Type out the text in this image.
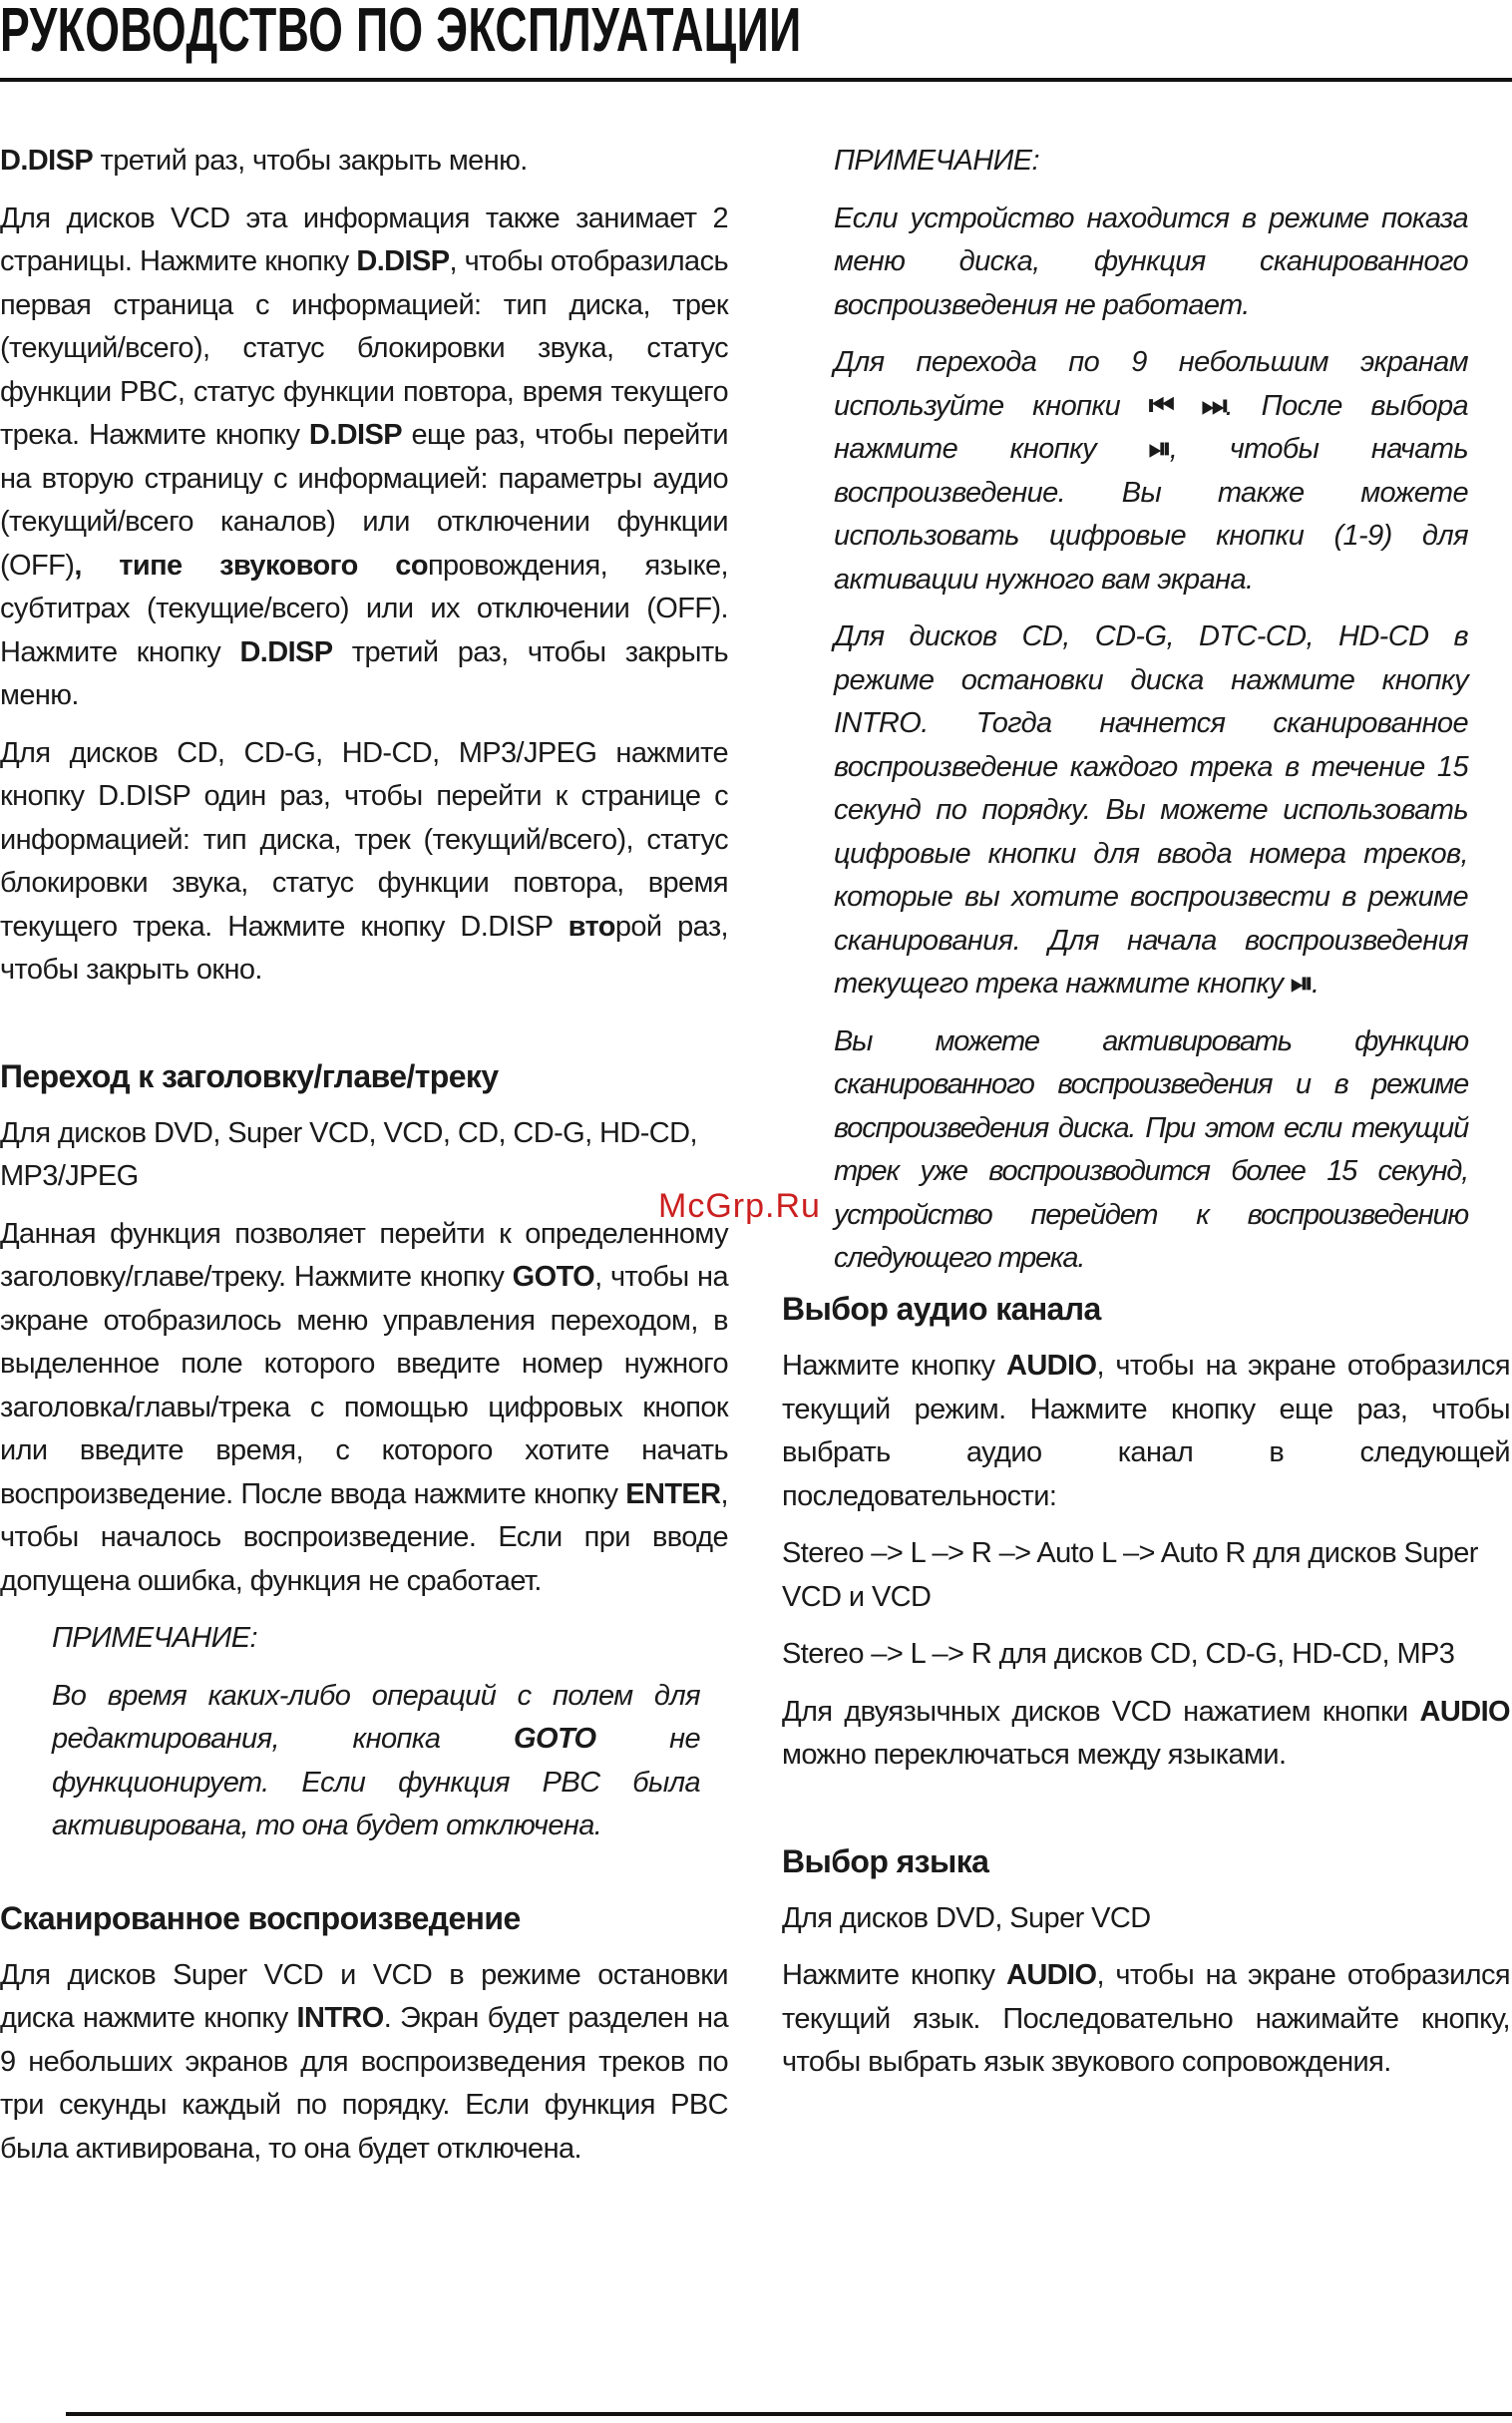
РУКОВОДСТВО ПО ЭКСПЛУАТАЦИИ

D.DISP третий раз, чтобы закрыть меню.

Для дисков VCD эта информация также занимает 2 страницы. Нажмите кнопку D.DISP, чтобы отобразилась первая страница с информацией: тип диска, трек (текущий/всего), статус блокировки звука, статус функции PBC, статус функции повтора, время текущего трека. Нажмите кнопку D.DISP еще раз, чтобы перейти на вторую страницу с информацией: параметры аудио (текущий/всего каналов) или отключении функции (OFF), типе звукового сопровождения, языке, субтитрах (текущие/всего) или их отключении (OFF). Нажмите кнопку D.DISP третий раз, чтобы закрыть меню.

Для дисков CD, CD-G, HD-CD, MP3/JPEG нажмите кнопку D.DISP один раз, чтобы перейти к странице с информацией: тип диска, трек (текущий/всего), статус блокировки звука, статус функции повтора, время текущего трека. Нажмите кнопку D.DISP второй раз, чтобы закрыть окно.

Переход к заголовку/главе/треку

Для дисков DVD, Super VCD, VCD, CD, CD-G, HD-CD, MP3/JPEG

Данная функция позволяет перейти к определенному заголовку/главе/треку. Нажмите кнопку GOTO, чтобы на экране отобразилось меню управления переходом, в выделенное поле которого введите номер нужного заголовка/главы/трека с помощью цифровых кнопок или введите время, с которого хотите начать воспроизведение. После ввода нажмите кнопку ENTER, чтобы началось воспроизведение. Если при вводе допущена ошибка, функция не сработает.

ПРИМЕЧАНИЕ:

Во время каких-либо операций с полем для редактирования, кнопка GOTO не функционирует. Если функция PBC была активирована, то она будет отключена.

Сканированное воспроизведение

Для дисков Super VCD и VCD в режиме остановки диска нажмите кнопку INTRO. Экран будет разделен на 9 небольших экранов для воспроизведения треков по три секунды каждый по порядку. Если функция PBC была активирована, то она будет отключена.

ПРИМЕЧАНИЕ:

Если устройство находится в режиме показа меню диска, функция сканированного воспроизведения не работает.

Для перехода по 9 небольшим экранам используйте кнопки ⏮ ⏭. После выбора нажмите кнопку ⏯, чтобы начать воспроизведение. Вы также можете использовать цифровые кнопки (1-9) для активации нужного вам экрана.

Для дисков CD, CD-G, DTC-CD, HD-CD в режиме остановки диска нажмите кнопку INTRO. Тогда начнется сканированное воспроизведение каждого трека в течение 15 секунд по порядку. Вы можете использовать цифровые кнопки для ввода номера треков, которые вы хотите воспроизвести в режиме сканирования. Для начала воспроизведения текущего трека нажмите кнопку ⏯.

Вы можете активировать функцию сканированного воспроизведения и в режиме воспроизведения диска. При этом если текущий трек уже воспроизводится более 15 секунд, устройство перейдет к воспроизведению следующего трека.

McGrp.Ru
Выбор аудио канала

Нажмите кнопку AUDIO, чтобы на экране отобразился текущий режим. Нажмите кнопку еще раз, чтобы выбрать аудио канал в следующей последовательности:

Stereo –> L –> R –> Auto L –> Auto R для дисков Super VCD и VCD

Stereo –> L –> R для дисков CD, CD-G, HD-CD, MP3

Для двуязычных дисков VCD нажатием кнопки AUDIO можно переключаться между языками.

Выбор языка

Для дисков DVD, Super VCD

Нажмите кнопку AUDIO, чтобы на экране отобразился текущий язык. Последовательно нажимайте кнопку, чтобы выбрать язык звукового сопровождения.
